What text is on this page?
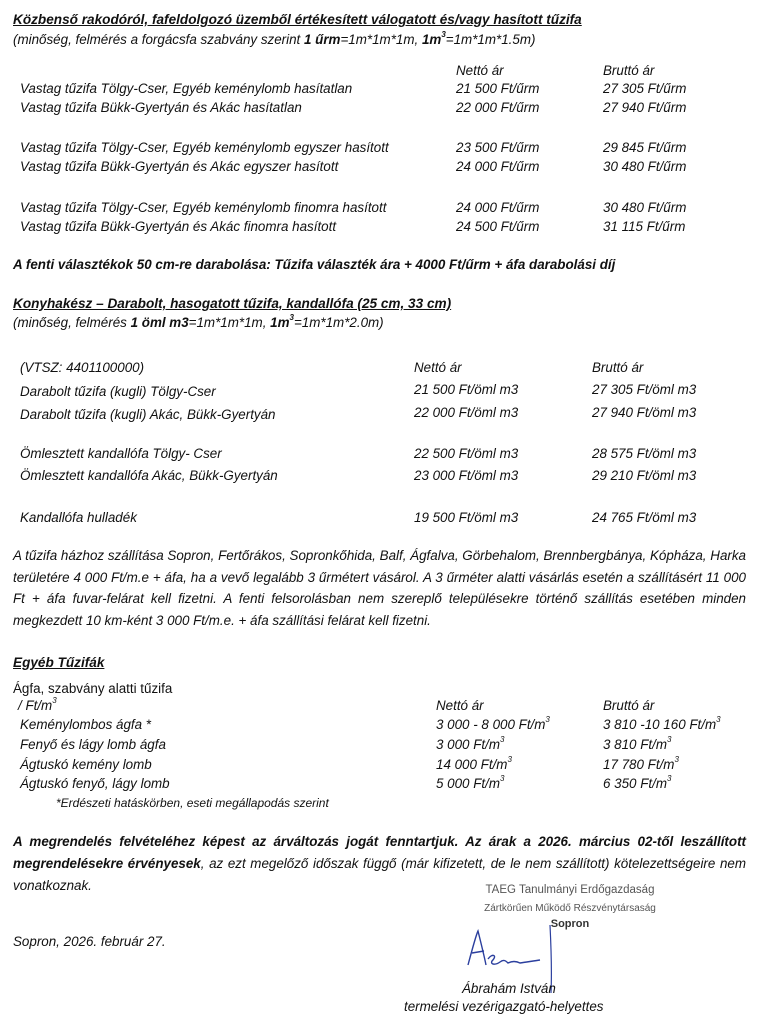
Közbenső rakodóról, fafeldolgozó üzemből értékesített válogatott és/vagy hasított tűzifa
(minőség, felmérés a forgácsfa szabvány szerint 1 űrm=1m*1m*1m, $1m^3=1m*1m*1.5m$)
Nettó ár	Bruttó ár
Vastag tűzifa Tölgy-Cser, Egyéb keménylomb hasítatlan	21 500 Ft/űrm	27 305 Ft/űrm
Vastag tűzifa Bükk-Gyertyán és Akác hasítatlan	22 000 Ft/űrm	27 940 Ft/űrm
Vastag tűzifa Tölgy-Cser, Egyéb keménylomb egyszer hasított	23 500 Ft/űrm	29 845 Ft/űrm
Vastag tűzifa Bükk-Gyertyán és Akác egyszer hasított	24 000 Ft/űrm	30 480 Ft/űrm
Vastag tűzifa Tölgy-Cser, Egyéb keménylomb finomra hasított	24 000 Ft/űrm	30 480 Ft/űrm
Vastag tűzifa Bükk-Gyertyán és Akác finomra hasított	24 500 Ft/űrm	31 115 Ft/űrm
A fenti választékok 50 cm-re darabolása: Tűzifa választék ára + 4000 Ft/űrm + áfa darabolási díj
Konyhakész – Darabolt, hasogatott tűzifa, kandallófa (25 cm, 33 cm)
(minőség, felmérés 1 öml m3=1m*1m*1m, $1m^3=1m*1m*2.0m$)
(VTSZ: 4401100000)	Nettó ár	Bruttó ár
Darabolt tűzifa (kugli) Tölgy-Cser	21 500 Ft/öml m3	27 305 Ft/öml m3
Darabolt tűzifa (kugli) Akác, Bükk-Gyertyán	22 000 Ft/öml m3	27 940 Ft/öml m3
Ömlesztett kandallófa Tölgy- Cser	22 500 Ft/öml m3	28 575 Ft/öml m3
Ömlesztett kandallófa Akác, Bükk-Gyertyán	23 000 Ft/öml m3	29 210 Ft/öml m3
Kandallófa hulladék	19 500 Ft/öml m3	24 765 Ft/öml m3
A tűzifa házhoz szállítása Sopron, Fertőrákos, Sopronkőhida, Balf, Ágfalva, Görbehalom, Brennbergbánya, Kópháza, Harka területére 4 000 Ft/m.e + áfa, ha a vevő legalább 3 űrmétert vásárol. A 3 űrméter alatti vásárlás esetén a szállításért 11 000 Ft + áfa fuvar-felárat kell fizetni. A fenti felsorolásban nem szereplő településekre történő szállítás esetében minden megkezdett 10 km-ként 3 000 Ft/m.e. + áfa szállítási felárat kell fizetni.
Egyéb Tűzifák
Ágfa, szabvány alatti tűzifa
/ $Ft/m^3$	Nettó ár	Bruttó ár
Keménylombos ágfa *	3 000 - 8 000 $Ft/m^3$	3 810 -10 160 $Ft/m^3$
Fenyő és lágy lomb ágfa	3 000 $Ft/m^3$	3 810 $Ft/m^3$
Ágtuskó kemény lomb	14 000 $Ft/m^3$	17 780 $Ft/m^3$
Ágtuskó fenyő, lágy lomb	5 000 $Ft/m^3$	6 350 $Ft/m^3$
*Erdészeti hatáskörben, eseti megállapodás szerint
A megrendelés felvételéhez képest az árváltozás jogát fenntartjuk. Az árak a 2026. március 02-től leszállított megrendelésekre érvényesek, az ezt megelőző időszak függő (már kifizetett, de le nem szállított) kötelezettségeire nem vonatkoznak.
Sopron, 2026. február 27.
TAEG Tanulmányi Erdőgazdaság
Zártkörűen Működő Részvénytársaság
Sopron
Ábrahám István
termelési vezérigazgató-helyettes
